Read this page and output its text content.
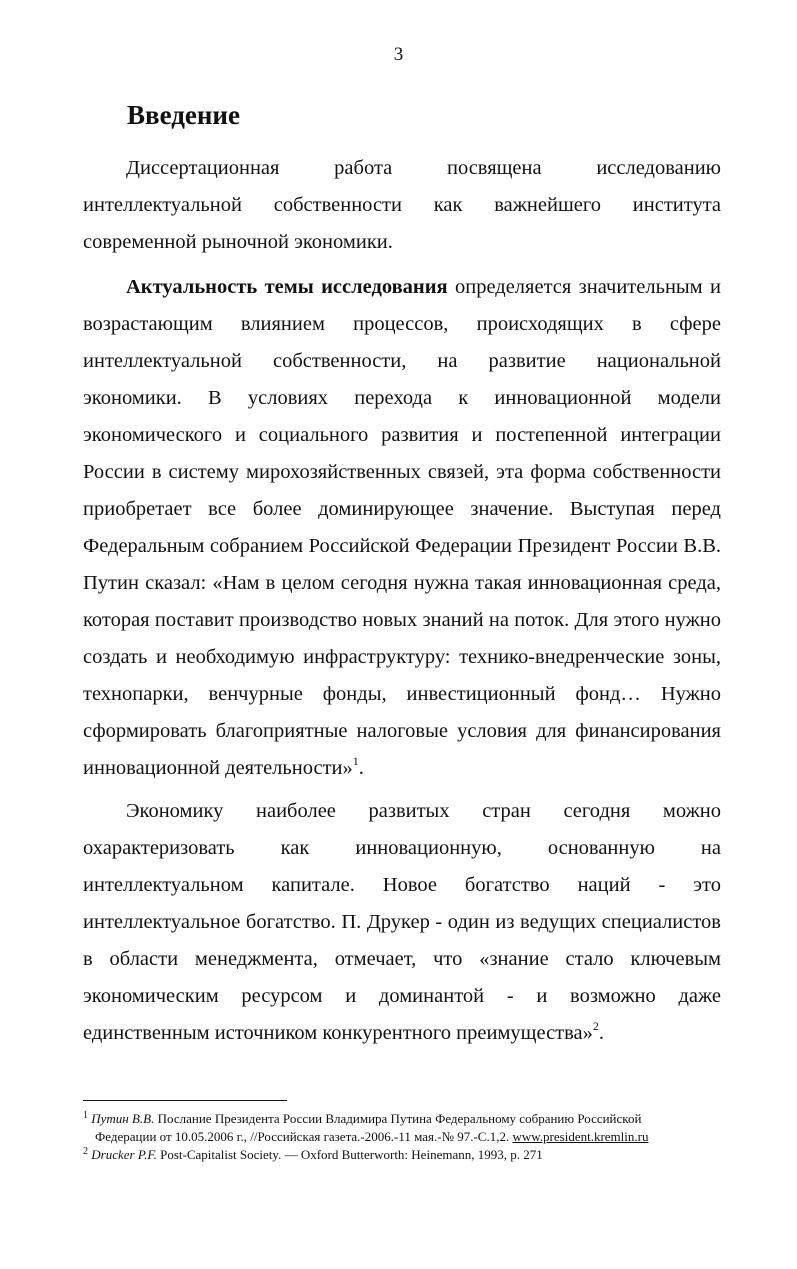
3
Введение

Диссертационная работа посвящена исследованию интеллектуальной собственности как важнейшего института современной рыночной экономики.

Актуальность темы исследования определяется значительным и возрастающим влиянием процессов, происходящих в сфере интеллектуальной собственности, на развитие национальной экономики. В условиях перехода к инновационной модели экономического и социального развития и постепенной интеграции России в систему мирохозяйственных связей, эта форма собственности приобретает все более доминирующее значение. Выступая перед Федеральным собранием Российской Федерации Президент России В.В. Путин сказал: «Нам в целом сегодня нужна такая инновационная среда, которая поставит производство новых знаний на поток. Для этого нужно создать и необходимую инфраструктуру: технико-внедренческие зоны, технопарки, венчурные фонды, инвестиционный фонд… Нужно сформировать благоприятные налоговые условия для финансирования инновационной деятельности»$^1$.

Экономику наиболее развитых стран сегодня можно охарактеризовать как инновационную, основанную на интеллектуальном капитале. Новое богатство наций - это интеллектуальное богатство. П. Друкер - один из ведущих специалистов в области менеджмента, отмечает, что «знание стало ключевым экономическим ресурсом и доминантой - и возможно даже единственным источником конкурентного преимущества»$^2$.

$^1$ Путин В.В. Послание Президента России Владимира Путина Федеральному собранию Российской
Федерации от 10.05.2006 г., //Российская газета.-2006.-11 мая.-№ 97.-С.1,2. www.president.kremlin.ru

$^2$ Drucker P.F. Post-Capitalist Society. — Oxford Butterworth: Heinemann, 1993, p. 271
